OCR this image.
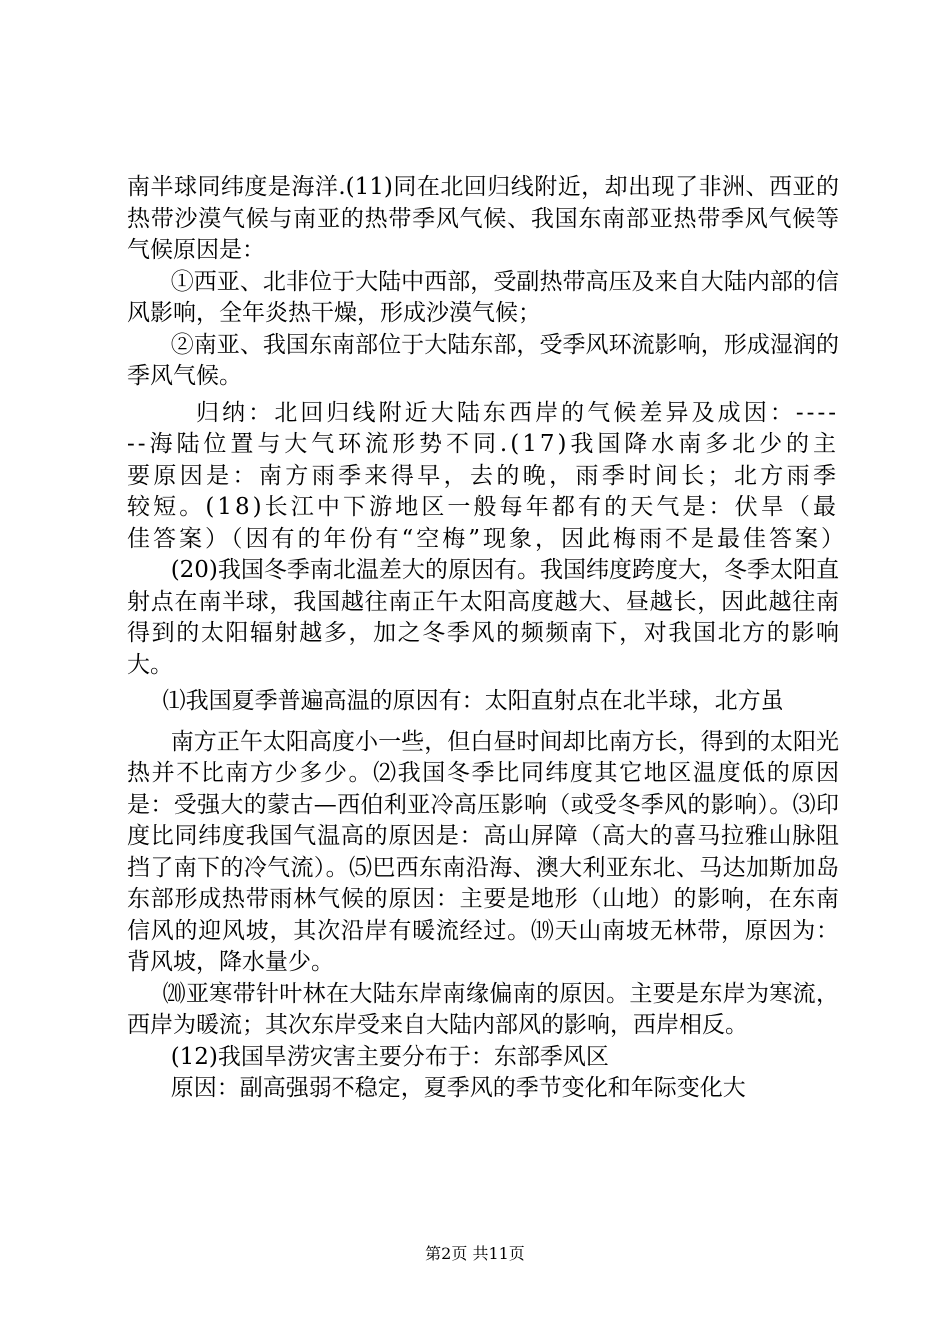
南半球同纬度是海洋.(11)同在北回归线附近，却出现了非洲、西亚的热带沙漠气候与南亚的热带季风气候、我国东南部亚热带季风气候等气候原因是：

①西亚、北非位于大陆中西部，受副热带高压及来自大陆内部的信风影响，全年炎热干燥，形成沙漠气候；

②南亚、我国东南部位于大陆东部，受季风环流影响，形成湿润的季风气候。

归纳：北回归线附近大陆东西岸的气候差异及成因：------海陆位置与大气环流形势不同.(17)我国降水南多北少的主要原因是：南方雨季来得早，去的晚，雨季时间长；北方雨季较短。(18)长江中下游地区一般每年都有的天气是：伏旱（最佳答案）（因有的年份有“空梅”现象，因此梅雨不是最佳答案）

(20)我国冬季南北温差大的原因有。我国纬度跨度大，冬季太阳直射点在南半球，我国越往南正午太阳高度越大、昼越长，因此越往南得到的太阳辐射越多，加之冬季风的频频南下，对我国北方的影响大。

⑴我国夏季普遍高温的原因有：太阳直射点在北半球，北方虽

南方正午太阳高度小一些，但白昼时间却比南方长，得到的太阳光热并不比南方少多少。⑵我国冬季比同纬度其它地区温度低的原因是：受强大的蒙古—西伯利亚冷高压影响（或受冬季风的影响）。⑶印度比同纬度我国气温高的原因是：高山屏障（高大的喜马拉雅山脉阻挡了南下的冷气流）。⑸巴西东南沿海、澳大利亚东北、马达加斯加岛东部形成热带雨林气候的原因：主要是地形（山地）的影响，在东南信风的迎风坡，其次沿岸有暖流经过。⒆天山南坡无林带，原因为：背风坡，降水量少。

⒇亚寒带针叶林在大陆东岸南缘偏南的原因。主要是东岸为寒流，西岸为暖流；其次东岸受来自大陆内部风的影响，西岸相反。

(12)我国旱涝灾害主要分布于：东部季风区

原因：副高强弱不稳定，夏季风的季节变化和年际变化大

第2页 共11页
